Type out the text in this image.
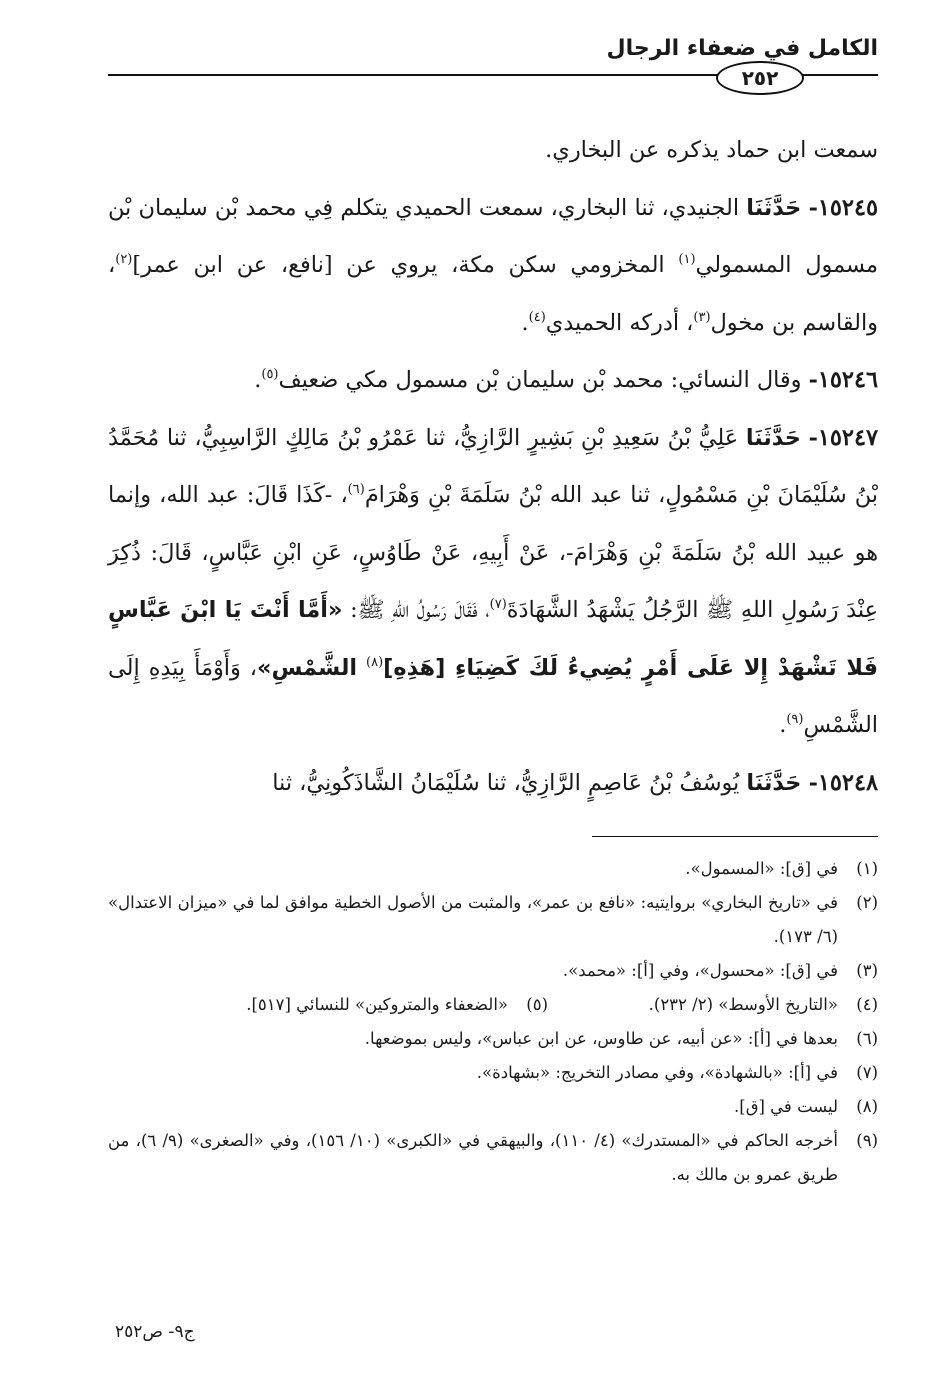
الكامل في ضعفاء الرجال
٢٥٢

سمعت ابن حماد يذكره عن البخاري.

١٥٢٤٥- حَدَّثَنَا الجنيدي، ثنا البخاري، سمعت الحميدي يتكلم فِي محمد بْن سليمان بْن مسمول المسمولي$^{(١)}$ المخزومي سكن مكة، يروي عن [نافع، عن ابن عمر]$^{(٢)}$، والقاسم بن مخول$^{(٣)}$، أدركه الحميدي$^{(٤)}$.

١٥٢٤٦- وقال النسائي: محمد بْن سليمان بْن مسمول مكي ضعيف$^{(٥)}$.

١٥٢٤٧- حَدَّثَنَا عَلِيُّ بْنُ سَعِيدِ بْنِ بَشِيرٍ الرَّازِيُّ، ثنا عَمْرُو بْنُ مَالِكٍ الرَّاسِبِيُّ، ثنا مُحَمَّدُ بْنُ سُلَيْمَانَ بْنِ مَسْمُولٍ، ثنا عبد الله بْنُ سَلَمَةَ بْنِ وَهْرَامَ$^{(٦)}$، -كَذَا قَالَ: عبد الله، وإنما هو عبيد الله بْنُ سَلَمَةَ بْنِ وَهْرَامَ-، عَنْ أَبِيهِ، عَنْ طَاوُسٍ، عَنِ ابْنِ عَبَّاسٍ، قَالَ: ذُكِرَ عِنْدَ رَسُولِ اللهِ ﷺ الرَّجُلُ يَشْهَدُ الشَّهَادَةَ$^{(٧)}$، فَقَالَ رَسُولُ اللهِ ﷺ: «أَمَّا أَنْتَ يَا ابْنَ عَبَّاسٍ فَلا تَشْهَدْ إِلا عَلَى أَمْرٍ يُضِيءُ لَكَ كَضِيَاءِ [هَذِهِ]$^{(٨)}$ الشَّمْسِ»، وَأَوْمَأَ بِيَدِهِ إِلَى الشَّمْسِ$^{(٩)}$.

١٥٢٤٨- حَدَّثَنَا يُوسُفُ بْنُ عَاصِمٍ الرَّازِيُّ، ثنا سُلَيْمَانُ الشَّاذَكُونِيُّ، ثنا

(١)
في [ق]: «المسمول».
(٢)
في «تاريخ البخاري» بروايتيه: «نافع بن عمر»، والمثبت من الأصول الخطية موافق لما في «ميزان الاعتدال» (٦/ ١٧٣).
(٣)
في [ق]: «محسول»، وفي [أ]: «محمد».
(٤)
«التاريخ الأوسط» (٢/ ٢٣٢).
(٥)
«الضعفاء والمتروكين» للنسائي [٥١٧].
(٦)
بعدها في [أ]: «عن أبيه، عن طاوس، عن ابن عباس»، وليس بموضعها.
(٧)
في [أ]: «بالشهادة»، وفي مصادر التخريج: «بشهادة».
(٨)
ليست في [ق].
(٩)
أخرجه الحاكم في «المستدرك» (٤/ ١١٠)، والبيهقي في «الكبرى» (١٠/ ١٥٦)، وفي «الصغرى» (٩/ ٦)، من طريق عمرو بن مالك به.
ج٩- ص٢٥٢
